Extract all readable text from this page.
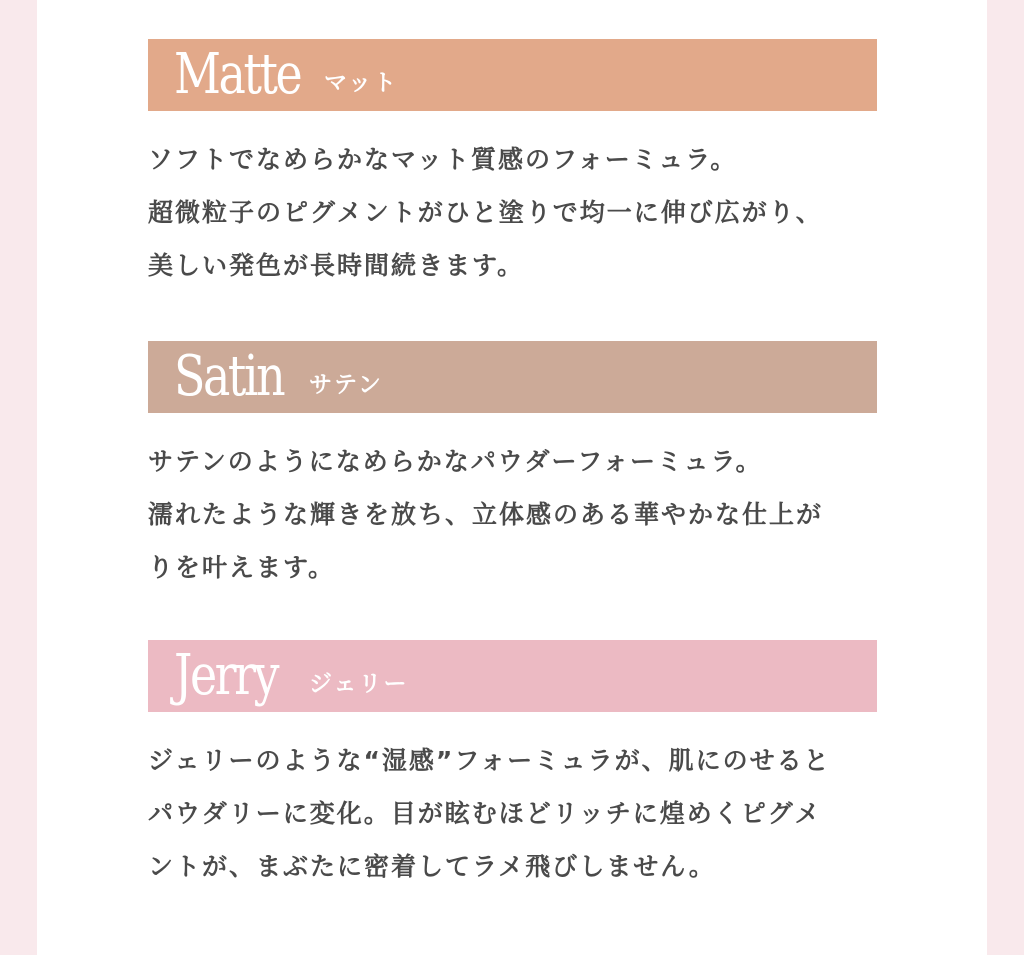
Matte マット
ソフトでなめらかなマット質感のフォーミュラ。
超微粒子のピグメントがひと塗りで均一に伸び広がり、
美しい発色が長時間続きます。
Satin サテン
サテンのようになめらかなパウダーフォーミュラ。
濡れたような輝きを放ち、立体感のある華やかな仕上が
りを叶えます。
Jerry	ジェリー
ジェリーのような“湿感”フォーミュラが、肌にのせると
パウダリーに変化。目が眩むほどリッチに煌めくピグメ
ントが、まぶたに密着してラメ飛びしません。
